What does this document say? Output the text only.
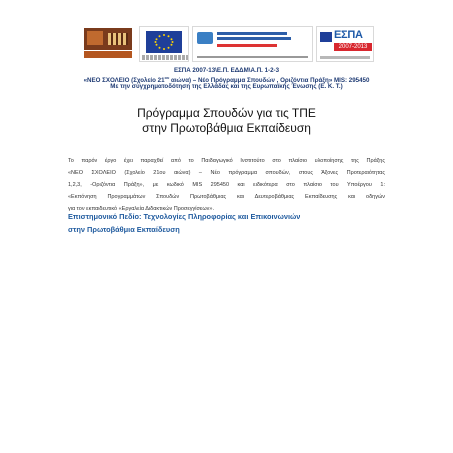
ΕΣΠΑ
2007-2013
ΕΣΠΑ 2007-13\Ε.Π. ΕΔΔΜ\Α.Π. 1-2-3
«ΝΕΟ ΣΧΟΛΕΙΟ (Σχολείο $21^{o\upsilon}$ αιώνα) – Νέο Πρόγραμμα Σπουδών , Οριζόντια Πράξη» MIS: 295450
Με την συγχρηματοδότηση της Ελλάδας και της Ευρωπαϊκής Ένωσης (Ε. Κ. Τ.)
Πρόγραμμα Σπουδών για τις ΤΠΕ
στην Πρωτοβάθμια Εκπαίδευση
Το παρόν έργο έχει παραχθεί από το Παιδαγωγικό Ινστιτούτο στο πλαίσιο υλοποίησης της Πράξης
«ΝΕΟ ΣΧΟΛΕΙΟ (Σχολείο 21ου αιώνα) – Νέο πρόγραμμα σπουδών, στους Άξονες Προτεραιότητας
1,2,3, -Οριζόντια Πράξη», με κωδικό MIS 295450 και ειδικότερα στο πλαίσιο του Υποέργου 1:
«Εκπόνηση Προγραμμάτων Σπουδών Πρωτοβάθμιας και Δευτεροβάθμιας Εκπαίδευσης και οδηγών
για τον εκπαιδευτικό «Εργαλεία Διδακτικών Προσεγγίσεων».
Επιστημονικό Πεδίο: Τεχνολογίες Πληροφορίας και Επικοινωνιών
στην Πρωτοβάθμια Εκπαίδευση
